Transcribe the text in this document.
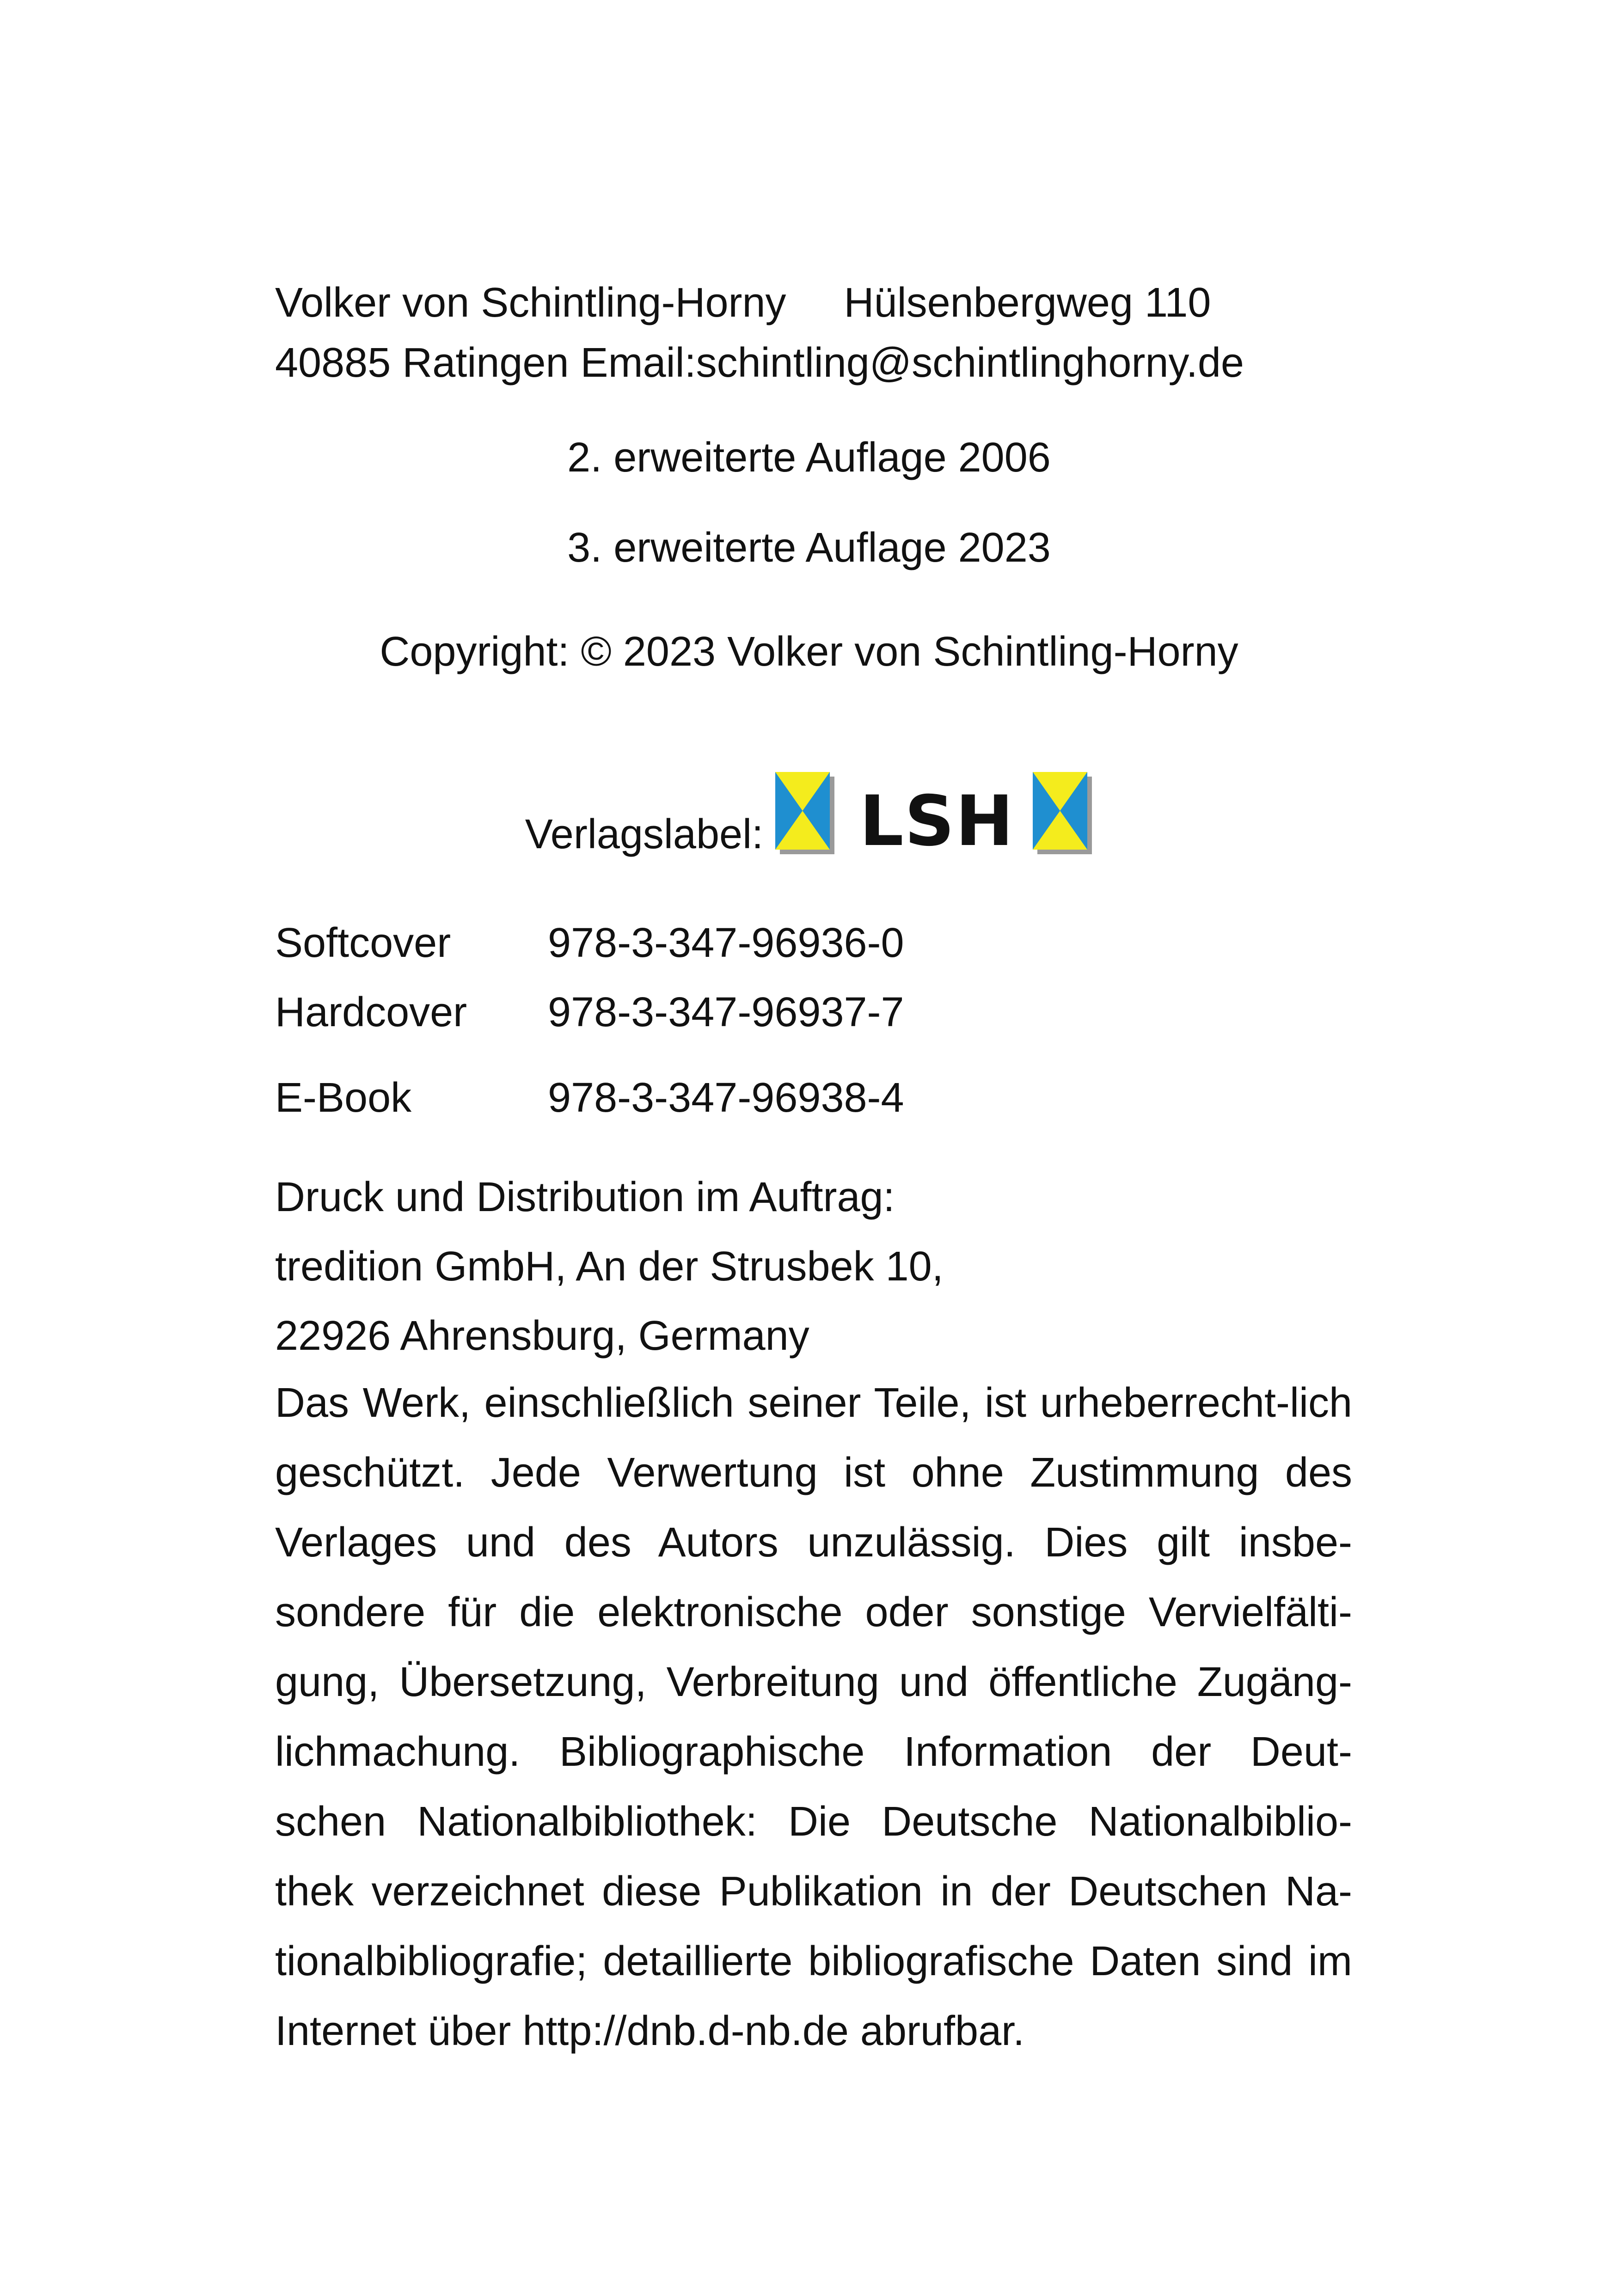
Volker von Schintling-Horny     Hülsenbergweg 110
40885 Ratingen Email:schintling@schintlinghorny.de
2. erweiterte Auflage 2006
3. erweiterte Auflage 2023
Copyright: © 2023 Volker von Schintling-Horny
Verlagslabel: LSH
Softcover 978-3-347-96936-0
Hardcover 978-3-347-96937-7
E-Book	978-3-347-96938-4
Druck und Distribution im Auftrag:
tredition GmbH, An der Strusbek 10,
22926 Ahrensburg, Germany
Das Werk, einschließlich seiner Teile, ist urheberrecht-lich geschützt. Jede Verwertung ist ohne Zustimmung des Verlages und des Autors unzulässig. Dies gilt insbe-sondere für die elektronische oder sonstige Vervielfälti-gung, Übersetzung, Verbreitung und öffentliche Zugäng-lichmachung. Bibliographische Information der Deut-schen Nationalbibliothek: Die Deutsche Nationalbiblio-thek verzeichnet diese Publikation in der Deutschen Na-tionalbibliografie; detaillierte bibliografische Daten sind im Internet über http://dnb.d-nb.de abrufbar.
